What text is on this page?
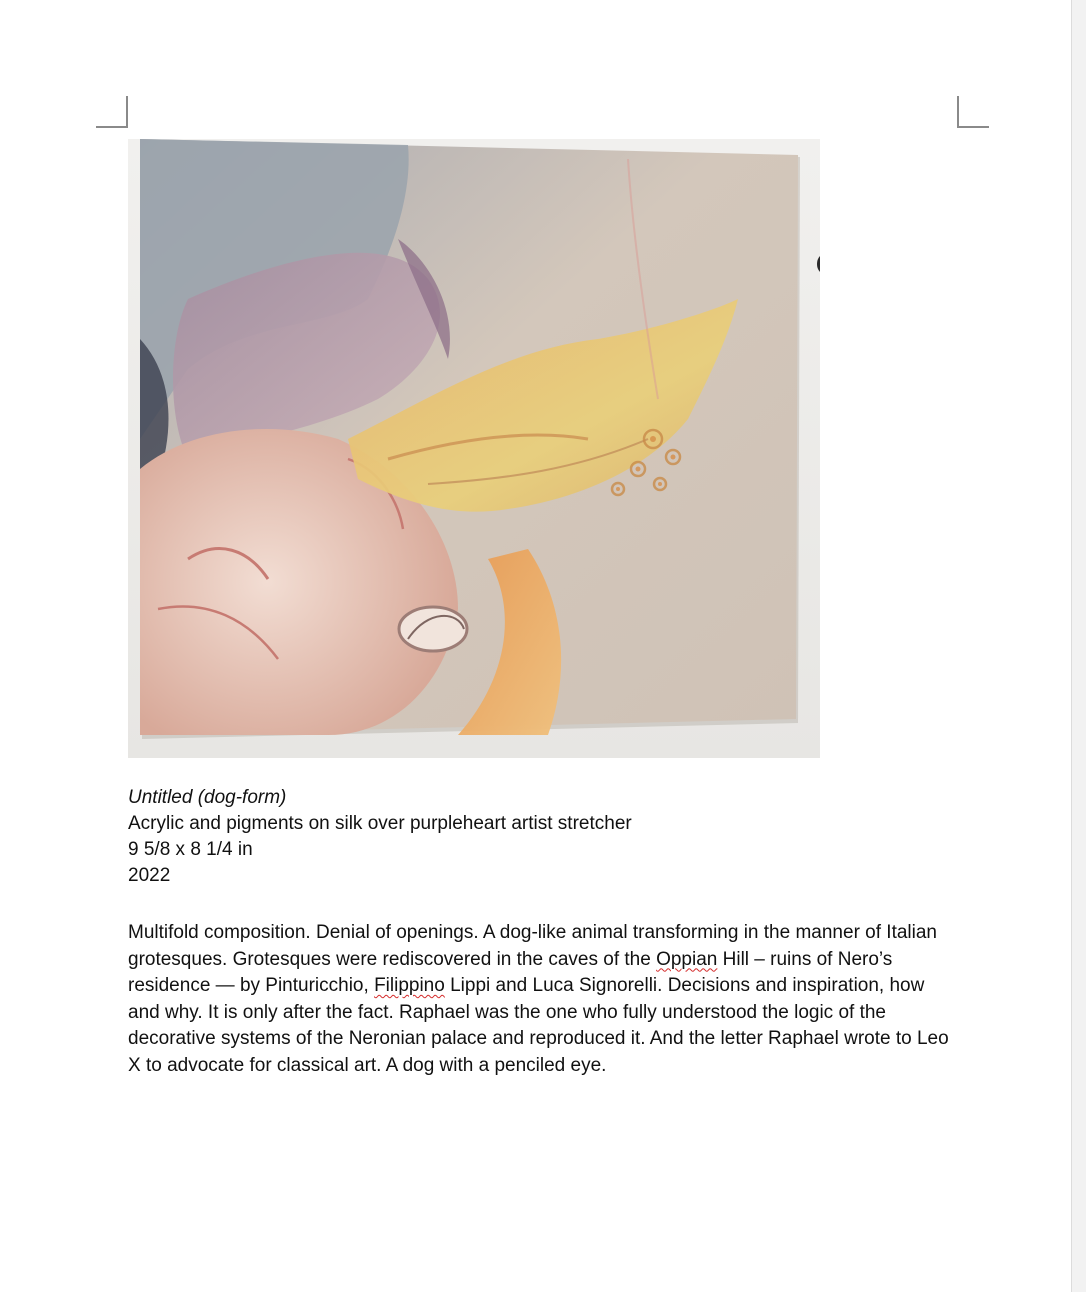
Untitled (dog-form)
Acrylic and pigments on silk over purpleheart artist stretcher
9 5/8 x 8 1/4 in
2022
Multifold composition. Denial of openings. A dog-like animal transforming in the manner of Italian grotesques. Grotesques were rediscovered in the caves of the Oppian Hill – ruins of Nero’s residence — by Pinturicchio, Filippino Lippi and Luca Signorelli. Decisions and inspiration, how and why. It is only after the fact. Raphael was the one who fully understood the logic of the decorative systems of the Neronian palace and reproduced it. And the letter Raphael wrote to Leo X to advocate for classical art. A dog with a penciled eye.
